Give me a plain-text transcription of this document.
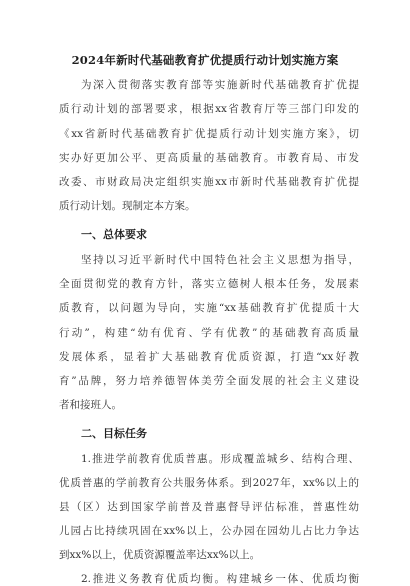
2024年新时代基础教育扩优提质行动计划实施方案
为深入贯彻落实教育部等实施新时代基础教育扩优提
质行动计划的部署要求，根据xx省教育厅等三部门印发的
《xx省新时代基础教育扩优提质行动计划实施方案》，切
实办好更加公平、更高质量的基础教育。市教育局、市发
改委、市财政局决定组织实施xx市新时代基础教育扩优提
质行动计划。现制定本方案。
一、总体要求
坚持以习近平新时代中国特色社会主义思想为指导，
全面贯彻党的教育方针，落实立德树人根本任务，发展素
质教育，以问题为导向，实施“xx基础教育扩优提质十大
行动”，构建“幼有优育、学有优教”的基础教育高质量
发展体系，显着扩大基础教育优质资源，打造“xx好教
育”品牌，努力培养德智体美劳全面发展的社会主义建设
者和接班人。
二、目标任务
1.推进学前教育优质普惠。形成覆盖城乡、结构合理、
优质普惠的学前教育公共服务体系。到2027年，xx%以上的
县（区）达到国家学前普及普惠督导评估标准，普惠性幼
儿园占比持续巩固在xx%以上，公办园在园幼儿占比力争达
到xx%以上，优质资源覆盖率达xx%以上。
2.推进义务教育优质均衡。构建城乡一体、优质均衡
